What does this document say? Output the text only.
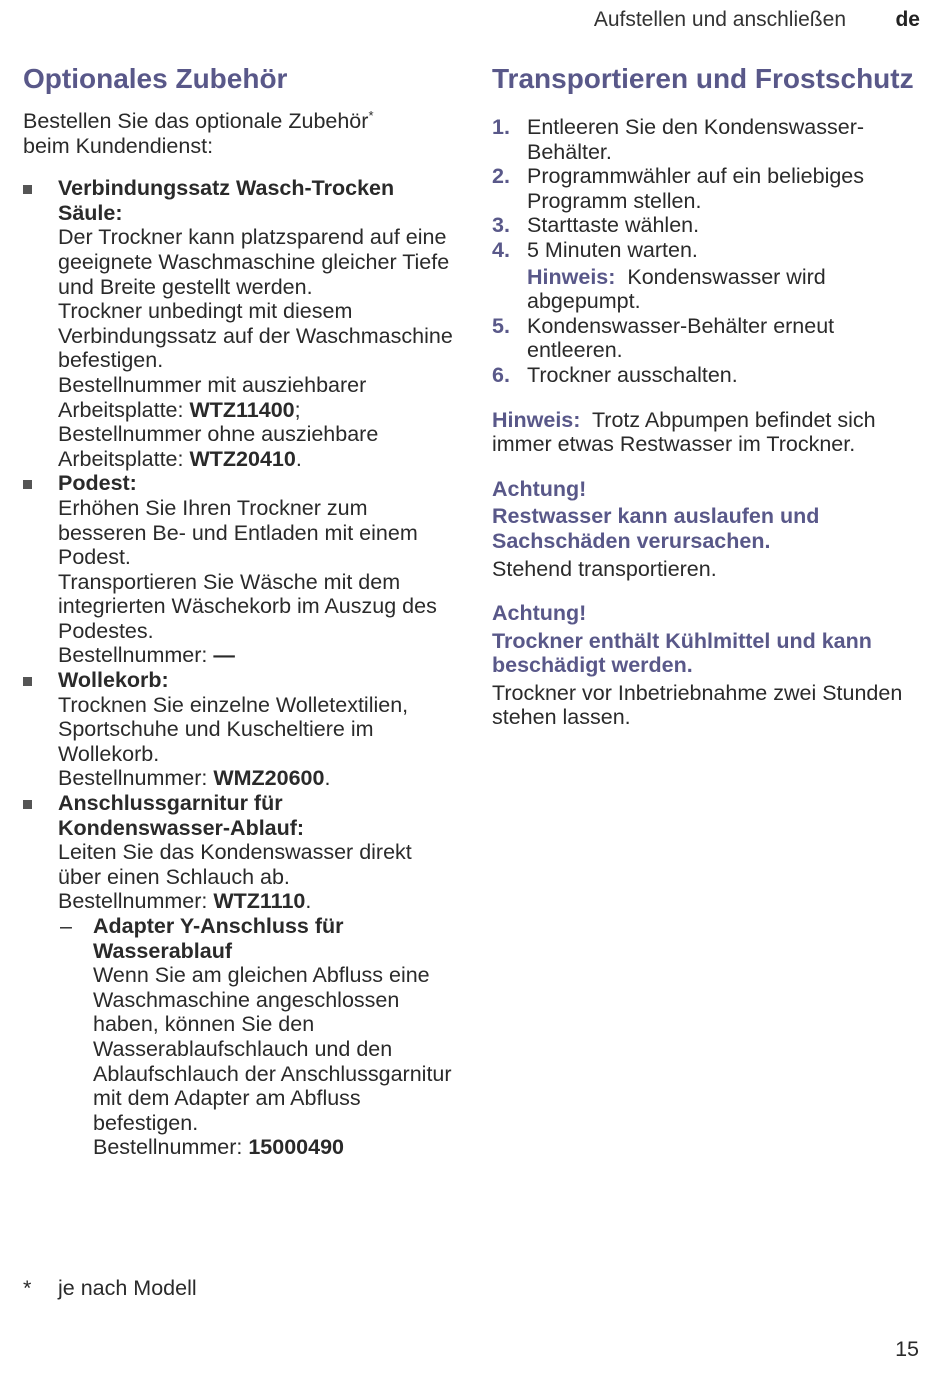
Aufstellen und anschließen de
Optionales Zubehör

Bestellen Sie das optionale Zubehör*
beim Kundendienst:

Verbindungssatz Wasch-Trocken Säule:
Der Trockner kann platzsparend auf eine geeignete Waschmaschine gleicher Tiefe und Breite gestellt werden.
Trockner unbedingt mit diesem Verbindungssatz auf der Waschmaschine befestigen.
Bestellnummer mit ausziehbarer Arbeitsplatte: WTZ11400;
Bestellnummer ohne ausziehbare Arbeitsplatte: WTZ20410.
Podest:
Erhöhen Sie Ihren Trockner zum besseren Be- und Entladen mit einem Podest.
Transportieren Sie Wäsche mit dem integrierten Wäschekorb im Auszug des Podestes.
Bestellnummer: —
Wollekorb:
Trocknen Sie einzelne Wolletextilien, Sportschuhe und Kuscheltiere im Wollekorb.
Bestellnummer: WMZ20600.
Anschlussgarnitur für Kondenswasser-Ablauf:
Leiten Sie das Kondenswasser direkt über einen Schlauch ab.
Bestellnummer: WTZ1110.
– Adapter Y-Anschluss für Wasserablauf
Wenn Sie am gleichen Abfluss eine Waschmaschine angeschlossen haben, können Sie den Wasserablaufschlauch und den Ablaufschlauch der Anschlussgarnitur mit dem Adapter am Abfluss befestigen.
Bestellnummer: 15000490
Transportieren und Frostschutz
1. Entleeren Sie den Kondenswasser-Behälter.
2. Programmwähler auf ein beliebiges Programm stellen.
3. Starttaste wählen.
4. 5 Minuten warten.
Hinweis: Kondenswasser wird abgepumpt.
5. Kondenswasser-Behälter erneut entleeren.
6. Trockner ausschalten.

Hinweis: Trotz Abpumpen befindet sich immer etwas Restwasser im Trockner.

Achtung!
Restwasser kann auslaufen und Sachschäden verursachen.

Stehend transportieren.

Achtung!
Trockner enthält Kühlmittel und kann beschädigt werden.

Trockner vor Inbetriebnahme zwei Stunden stehen lassen.

* je nach Modell
15
